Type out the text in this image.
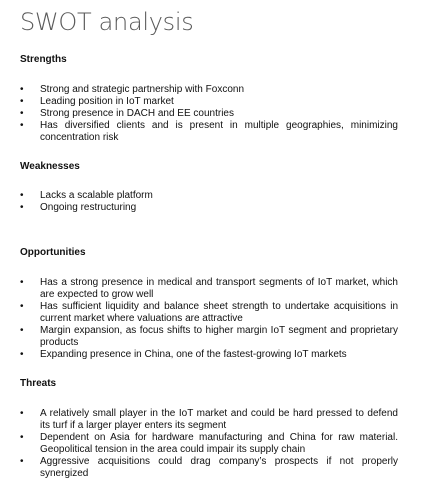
SWOT analysis
Strengths
• Strong and strategic partnership with Foxconn
• Leading position in IoT market
• Strong presence in DACH and EE countries
• Has diversified clients and is present in multiple geographies, minimizing concentration risk
Weaknesses
• Lacks a scalable platform
• Ongoing restructuring
Opportunities
• Has a strong presence in medical and transport segments of IoT market, which are expected to grow well
• Has sufficient liquidity and balance sheet strength to undertake acquisitions in current market where valuations are attractive
• Margin expansion, as focus shifts to higher margin IoT segment and proprietary products
• Expanding presence in China, one of the fastest-growing IoT markets
Threats
• A relatively small player in the IoT market and could be hard pressed to defend its turf if a larger player enters its segment
• Dependent on Asia for hardware manufacturing and China for raw material. Geopolitical tension in the area could impair its supply chain
• Aggressive acquisitions could drag company’s prospects if not properly synergized
